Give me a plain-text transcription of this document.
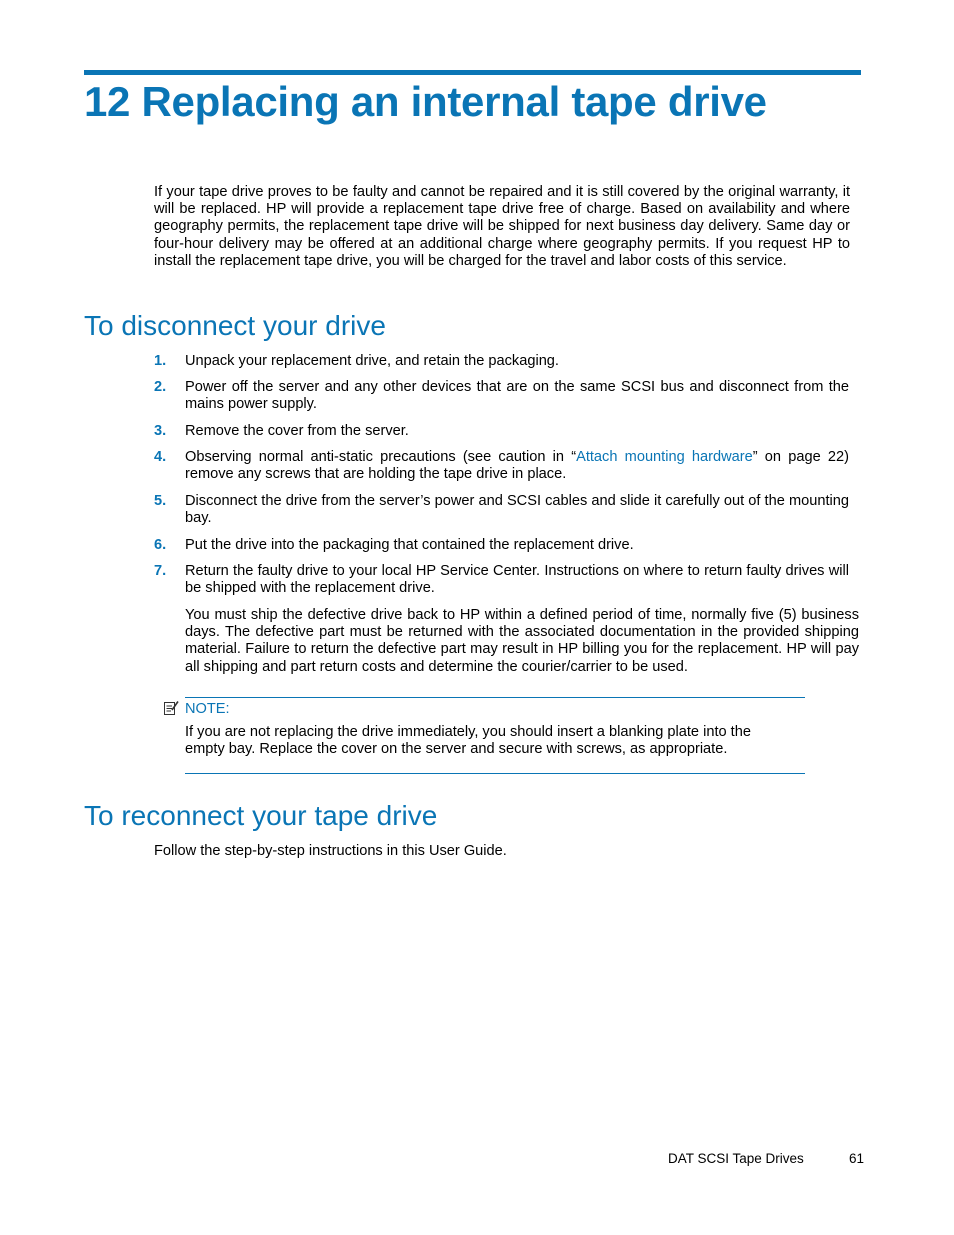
12 Replacing an internal tape drive

If your tape drive proves to be faulty and cannot be repaired and it is still covered by the original warranty, it will be replaced. HP will provide a replacement tape drive free of charge. Based on availability and where geography permits, the replacement tape drive will be shipped for next business day delivery. Same day or four-hour delivery may be offered at an additional charge where geography permits. If you request HP to install the replacement tape drive, you will be charged for the travel and labor costs of this service.

To disconnect your drive
1.	Unpack your replacement drive, and retain the packaging.

2.	Power off the server and any other devices that are on the same SCSI bus and disconnect from the mains power supply.

3.	Remove the cover from the server.

4.	Observing normal anti-static precautions (see caution in “Attach mounting hardware” on page 22) remove any screws that are holding the tape drive in place.

5.	Disconnect the drive from the server’s power and SCSI cables and slide it carefully out of the mounting bay.

6.	Put the drive into the packaging that contained the replacement drive.

7.	Return the faulty drive to your local HP Service Center. Instructions on where to return faulty drives will be shipped with the replacement drive.

You must ship the defective drive back to HP within a defined period of time, normally five (5) business days. The defective part must be returned with the associated documentation in the provided shipping material. Failure to return the defective part may result in HP billing you for the replacement. HP will pay all shipping and part return costs and determine the courier/carrier to be used.

NOTE:

If you are not replacing the drive immediately, you should insert a blanking plate into the empty bay. Replace the cover on the server and secure with screws, as appropriate.

To reconnect your tape drive

Follow the step-by-step instructions in this User Guide.

DAT SCSI Tape Drives	61
